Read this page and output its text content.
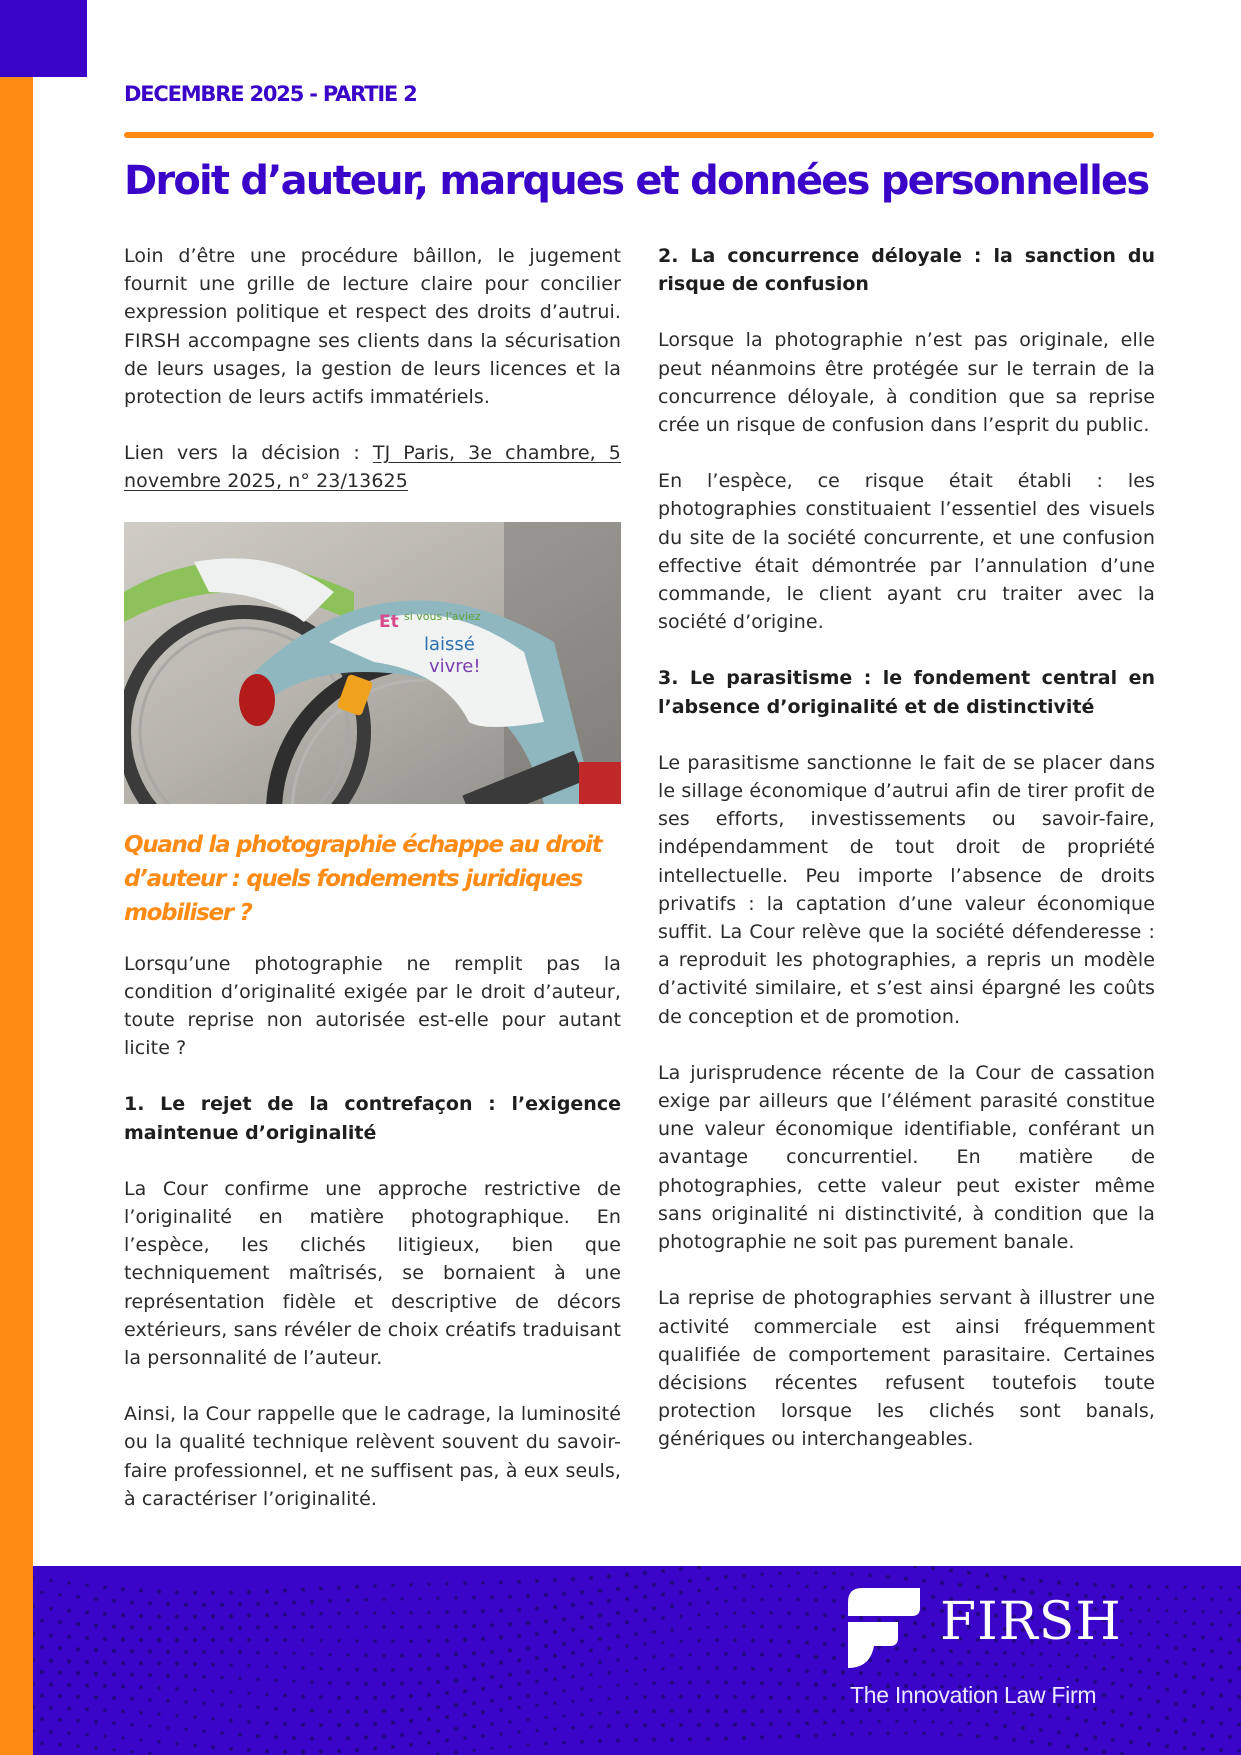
DECEMBRE 2025 - PARTIE 2
Droit d’auteur, marques et données personnelles

Loin d’être une procédure bâillon, le jugement fournit une grille de lecture claire pour concilier expression politique et respect des droits d’autrui. FIRSH accompagne ses clients dans la sécurisation de leurs usages, la gestion de leurs licences et la protection de leurs actifs immatériels.

Lien vers la décision : TJ Paris, 3e chambre, 5 novembre 2025, n° 23/13625

Et si vous l'aviez
laissé
vivre!
Quand la photographie échappe au droit d’auteur : quels fondements juridiques mobiliser ?

Lorsqu’une photographie ne remplit pas la condition d’originalité exigée par le droit d’auteur, toute reprise non autorisée est-elle pour autant licite ?

1. Le rejet de la contrefaçon : l’exigence maintenue d’originalité

La Cour confirme une approche restrictive de l’originalité en matière photographique. En l’espèce, les clichés litigieux, bien que techniquement maîtrisés, se bornaient à une représentation fidèle et descriptive de décors extérieurs, sans révéler de choix créatifs traduisant la personnalité de l’auteur.

Ainsi, la Cour rappelle que le cadrage, la luminosité ou la qualité technique relèvent souvent du savoir-faire professionnel, et ne suffisent pas, à eux seuls, à caractériser l’originalité.

2. La concurrence déloyale : la sanction du risque de confusion

Lorsque la photographie n’est pas originale, elle peut néanmoins être protégée sur le terrain de la concurrence déloyale, à condition que sa reprise crée un risque de confusion dans l’esprit du public.

En l’espèce, ce risque était établi : les photographies constituaient l’essentiel des visuels du site de la société concurrente, et une confusion effective était démontrée par l’annulation d’une commande, le client ayant cru traiter avec la société d’origine.

3. Le parasitisme : le fondement central en l’absence d’originalité et de distinctivité

Le parasitisme sanctionne le fait de se placer dans le sillage économique d’autrui afin de tirer profit de ses efforts, investissements ou savoir-faire, indépendamment de tout droit de propriété intellectuelle. Peu importe l’absence de droits privatifs : la captation d’une valeur économique suffit. La Cour relève que la société défenderesse : a reproduit les photographies, a repris un modèle d’activité similaire, et s’est ainsi épargné les coûts de conception et de promotion.

La jurisprudence récente de la Cour de cassation exige par ailleurs que l’élément parasité constitue une valeur économique identifiable, conférant un avantage concurrentiel. En matière de photographies, cette valeur peut exister même sans originalité ni distinctivité, à condition que la photographie ne soit pas purement banale.

La reprise de photographies servant à illustrer une activité commerciale est ainsi fréquemment qualifiée de comportement parasitaire. Certaines décisions récentes refusent toutefois toute protection lorsque les clichés sont banals, génériques ou interchangeables.

FIRSH
The Innovation Law Firm
